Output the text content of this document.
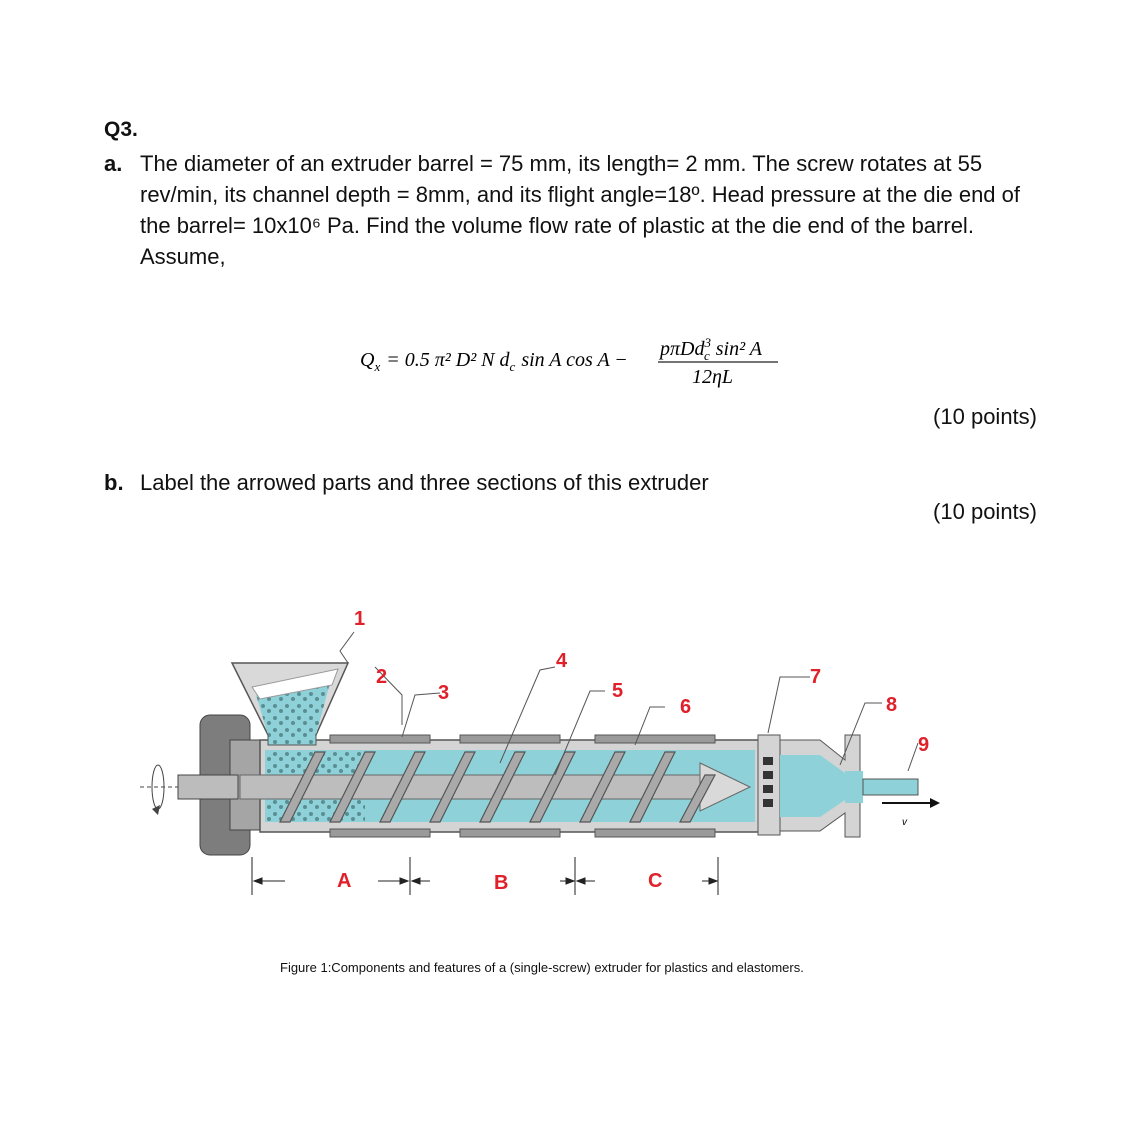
Q3.
a. The diameter of an extruder barrel = 75 mm, its length= 2 mm. The screw rotates at 55 rev/min, its channel depth = 8mm, and its flight angle=18º. Head pressure at the die end of the barrel= 10x10⁶ Pa. Find the volume flow rate of plastic at the die end of the barrel. Assume,
$Q_x = 0.5$ π² D² N $d_c$ sin A cos A − pπDd$^3$ c sin² A
12ηL
(10 points)
b. Label the arrowed parts and three sections of this extruder
(10 points)
v
1
2
3
4
5
6
7
8
9
A	B	C
Figure 1:Components and features of a (single-screw) extruder for plastics and elastomers.
